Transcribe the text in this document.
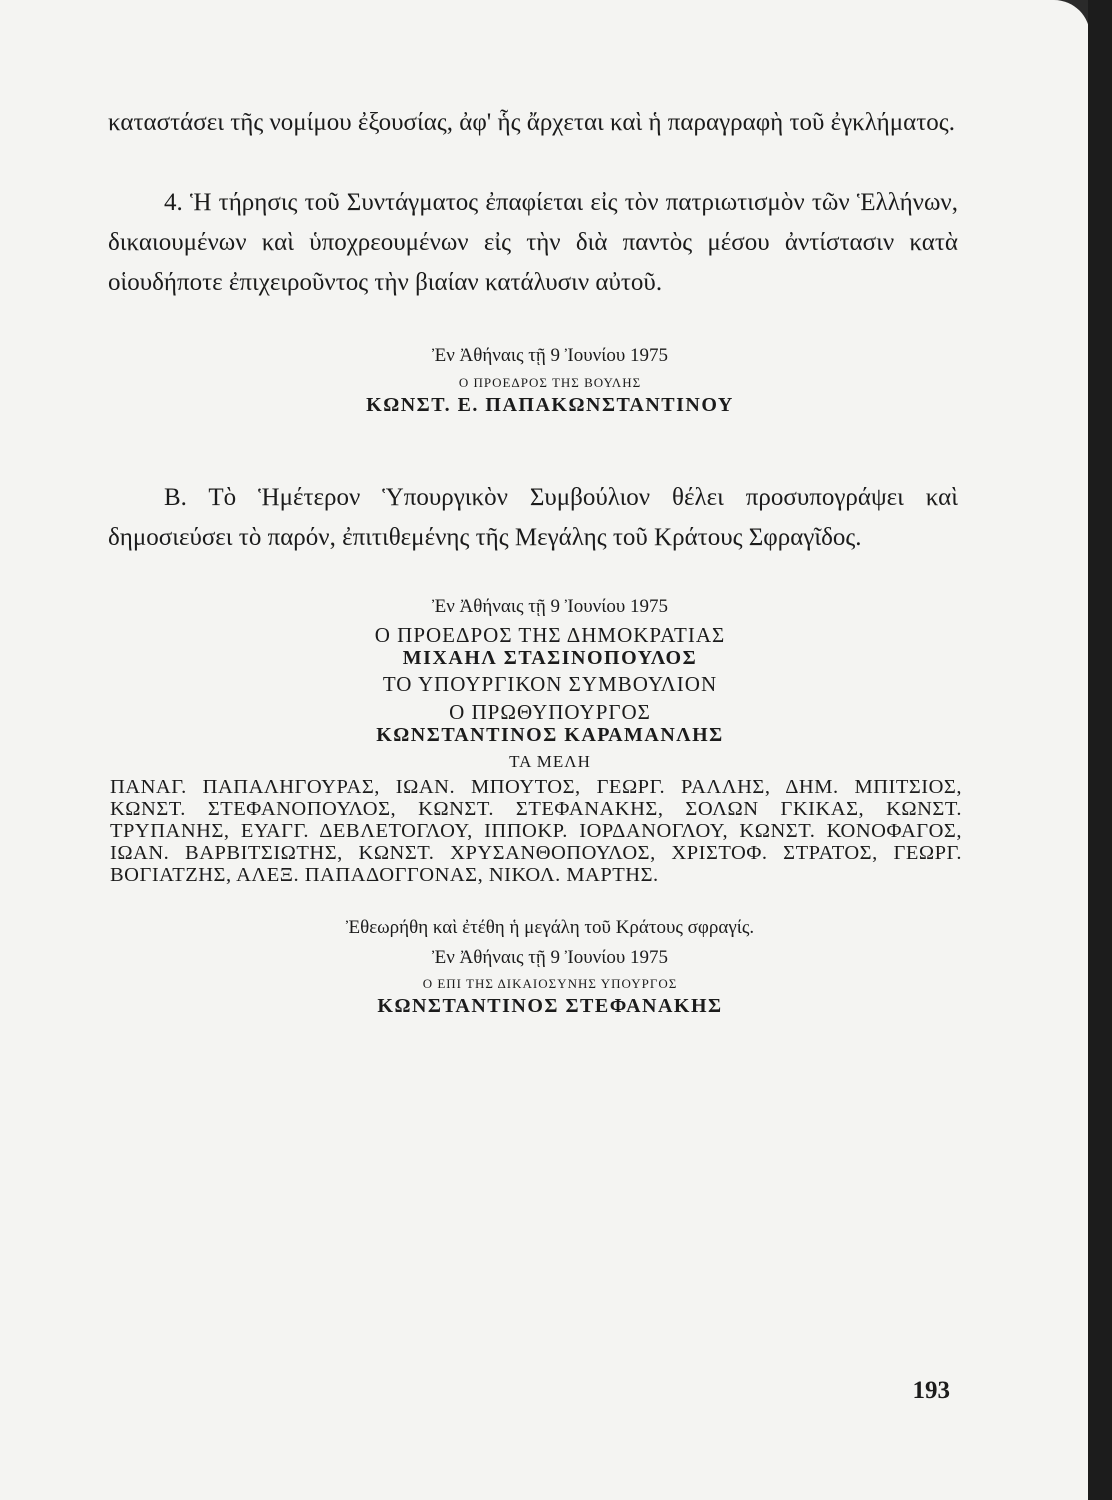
καταστάσει τῆς νομίμου ἐξουσίας, ἀφ' ἧς ἄρχεται καὶ ἡ παραγραφὴ τοῦ ἐγκλήματος.
4. Ἡ τήρησις τοῦ Συντάγματος ἐπαφίεται εἰς τὸν πατριωτισμὸν τῶν Ἑλλήνων, δικαιουμένων καὶ ὑποχρεουμένων εἰς τὴν διὰ παντὸς μέσου ἀντίστασιν κατὰ οἱουδήποτε ἐπιχειροῦντος τὴν βιαίαν κατάλυσιν αὐτοῦ.
Ἐν Ἀθήναις τῇ 9 Ἰουνίου 1975
Ο ΠΡΟΕΔΡΟΣ ΤΗΣ ΒΟΥΛΗΣ
ΚΩΝΣΤ. Ε. ΠΑΠΑΚΩΝΣΤΑΝΤΙΝΟΥ
Β. Τὸ Ἡμέτερον Ὑπουργικὸν Συμβούλιον θέλει προσυπογράψει καὶ δημοσιεύσει τὸ παρόν, ἐπιτιθεμένης τῆς Μεγάλης τοῦ Κράτους Σφραγῖδος.
Ἐν Ἀθήναις τῇ 9 Ἰουνίου 1975
Ο ΠΡΟΕΔΡΟΣ ΤΗΣ ΔΗΜΟΚΡΑΤΙΑΣ
ΜΙΧΑΗΛ ΣΤΑΣΙΝΟΠΟΥΛΟΣ
ΤΟ ΥΠΟΥΡΓΙΚΟΝ ΣΥΜΒΟΥΛΙΟΝ
Ο ΠΡΩΘΥΠΟΥΡΓΟΣ
ΚΩΝΣΤΑΝΤΙΝΟΣ ΚΑΡΑΜΑΝΛΗΣ
ΤΑ ΜΕΛΗ
ΠΑΝΑΓ. ΠΑΠΑΛΗΓΟΥΡΑΣ, ΙΩΑΝ. ΜΠΟΥΤΟΣ, ΓΕΩΡΓ. ΡΑΛΛΗΣ, ΔΗΜ. ΜΠΙΤΣΙΟΣ, ΚΩΝΣΤ. ΣΤΕΦΑΝΟΠΟΥΛΟΣ, ΚΩΝΣΤ. ΣΤΕΦΑΝΑΚΗΣ, ΣΟΛΩΝ ΓΚΙΚΑΣ, ΚΩΝΣΤ. ΤΡΥΠΑΝΗΣ, ΕΥΑΓΓ. ΔΕΒΛΕΤΟΓΛΟΥ, ΙΠΠΟΚΡ. ΙΟΡΔΑΝΟΓΛΟΥ, ΚΩΝΣΤ. ΚΟΝΟΦΑΓΟΣ, ΙΩΑΝ. ΒΑΡΒΙΤΣΙΩΤΗΣ, ΚΩΝΣΤ. ΧΡΥΣΑΝΘΟΠΟΥΛΟΣ, ΧΡΙΣΤΟΦ. ΣΤΡΑΤΟΣ, ΓΕΩΡΓ. ΒΟΓΙΑΤΖΗΣ, ΑΛΕΞ. ΠΑΠΑΔΟΓΓΟΝΑΣ, ΝΙΚΟΛ. ΜΑΡΤΗΣ.
Ἐθεωρήθη καὶ ἐτέθη ἡ μεγάλη τοῦ Κράτους σφραγίς.
Ἐν Ἀθήναις τῇ 9 Ἰουνίου 1975
Ο ΕΠΙ ΤΗΣ ΔΙΚΑΙΟΣΥΝΗΣ ΥΠΟΥΡΓΟΣ
ΚΩΝΣΤΑΝΤΙΝΟΣ ΣΤΕΦΑΝΑΚΗΣ
193
